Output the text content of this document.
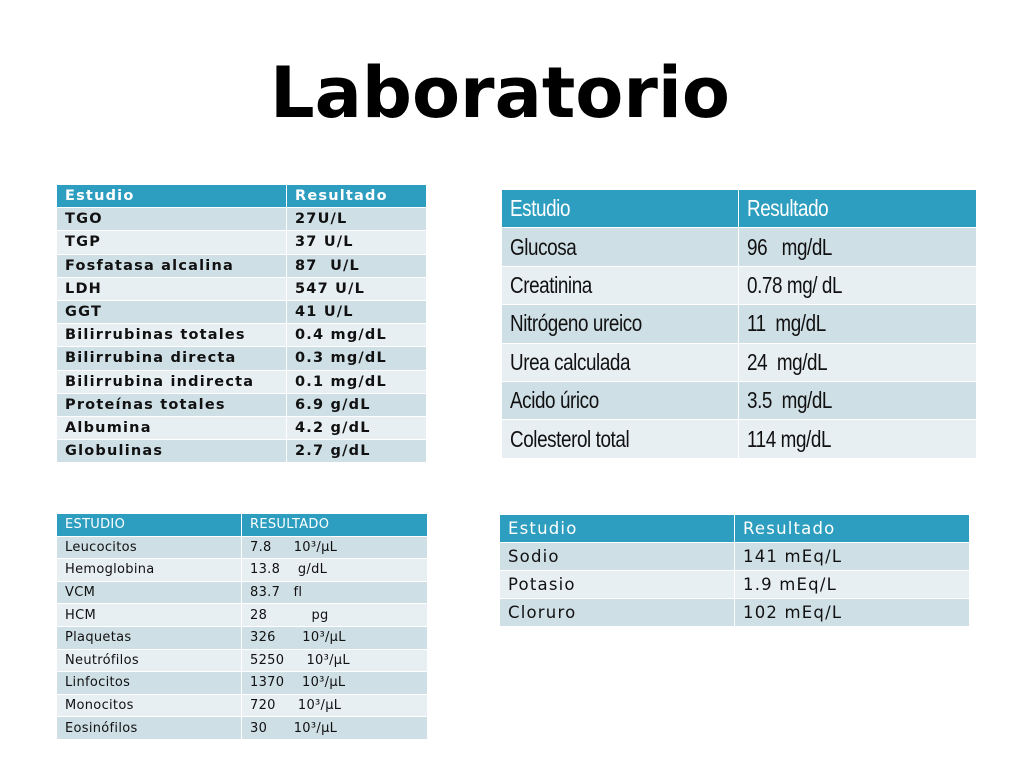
Laboratorio
Estudio	Resultado
TGO	27U/L
TGP	37 U/L
Fosfatasa alcalina	87  U/L
LDH	547 U/L
GGT	41 U/L
Bilirrubinas totales	0.4 mg/dL
Bilirrubina directa	0.3 mg/dL
Bilirrubina indirecta	0.1 mg/dL
Proteínas totales	6.9 g/dL
Albumina	4.2 g/dL
Globulinas	2.7 g/dL
Estudio	Resultado
Glucosa	96   mg/dL
Creatinina	0.78 mg/ dL
Nitrógeno ureico	11  mg/dL
Urea calculada	24  mg/dL
Acido úrico	3.5  mg/dL
Colesterol total	114 mg/dL
ESTUDIO	RESULTADO
Leucocitos	7.8     10³/μL
Hemoglobina	13.8    g/dL
VCM	83.7   fl
HCM	28          pg
Plaquetas	326      10³/μL
Neutrófilos	5250     10³/μL
Linfocitos	1370    10³/μL
Monocitos	720     10³/μL
Eosinófilos	30      10³/μL
Estudio	Resultado
Sodio	141 mEq/L
Potasio	1.9 mEq/L
Cloruro	102 mEq/L
